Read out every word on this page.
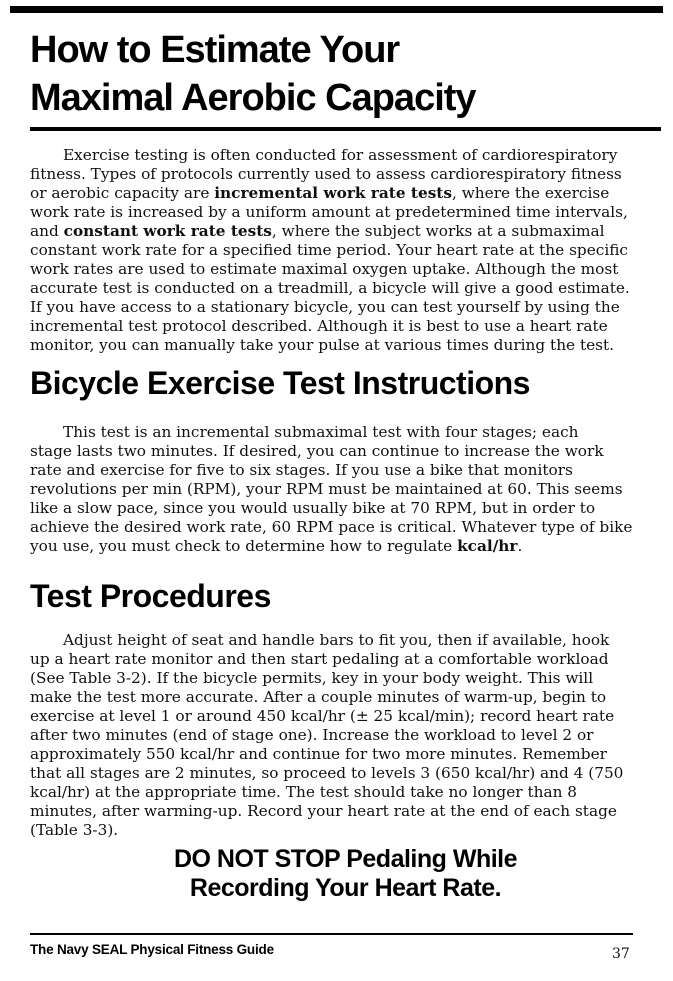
How to Estimate Your
Maximal Aerobic Capacity

Exercise testing is often conducted for assessment of cardiorespiratory
fitness. Types of protocols currently used to assess cardiorespiratory fitness
or aerobic capacity are incremental work rate tests, where the exercise
work rate is increased by a uniform amount at predetermined time intervals,
and constant work rate tests, where the subject works at a submaximal
constant work rate for a specified time period. Your heart rate at the specific
work rates are used to estimate maximal oxygen uptake. Although the most
accurate test is conducted on a treadmill, a bicycle will give a good estimate.
If you have access to a stationary bicycle, you can test yourself by using the
incremental test protocol described. Although it is best to use a heart rate
monitor, you can manually take your pulse at various times during the test.

Bicycle Exercise Test Instructions

This test is an incremental submaximal test with four stages; each
stage lasts two minutes. If desired, you can continue to increase the work
rate and exercise for five to six stages. If you use a bike that monitors
revolutions per min (RPM), your RPM must be maintained at 60. This seems
like a slow pace, since you would usually bike at 70 RPM, but in order to
achieve the desired work rate, 60 RPM pace is critical. Whatever type of bike
you use, you must check to determine how to regulate kcal/hr.

Test Procedures

Adjust height of seat and handle bars to fit you, then if available, hook
up a heart rate monitor and then start pedaling at a comfortable workload
(See Table 3-2). If the bicycle permits, key in your body weight. This will
make the test more accurate. After a couple minutes of warm-up, begin to
exercise at level 1 or around 450 kcal/hr (± 25 kcal/min); record heart rate
after two minutes (end of stage one). Increase the workload to level 2 or
approximately 550 kcal/hr and continue for two more minutes. Remember
that all stages are 2 minutes, so proceed to levels 3 (650 kcal/hr) and 4 (750
kcal/hr) at the appropriate time. The test should take no longer than 8
minutes, after warming-up. Record your heart rate at the end of each stage
(Table 3-3).

DO NOT STOP Pedaling While
Recording Your Heart Rate.
The Navy SEAL Physical Fitness Guide	37
